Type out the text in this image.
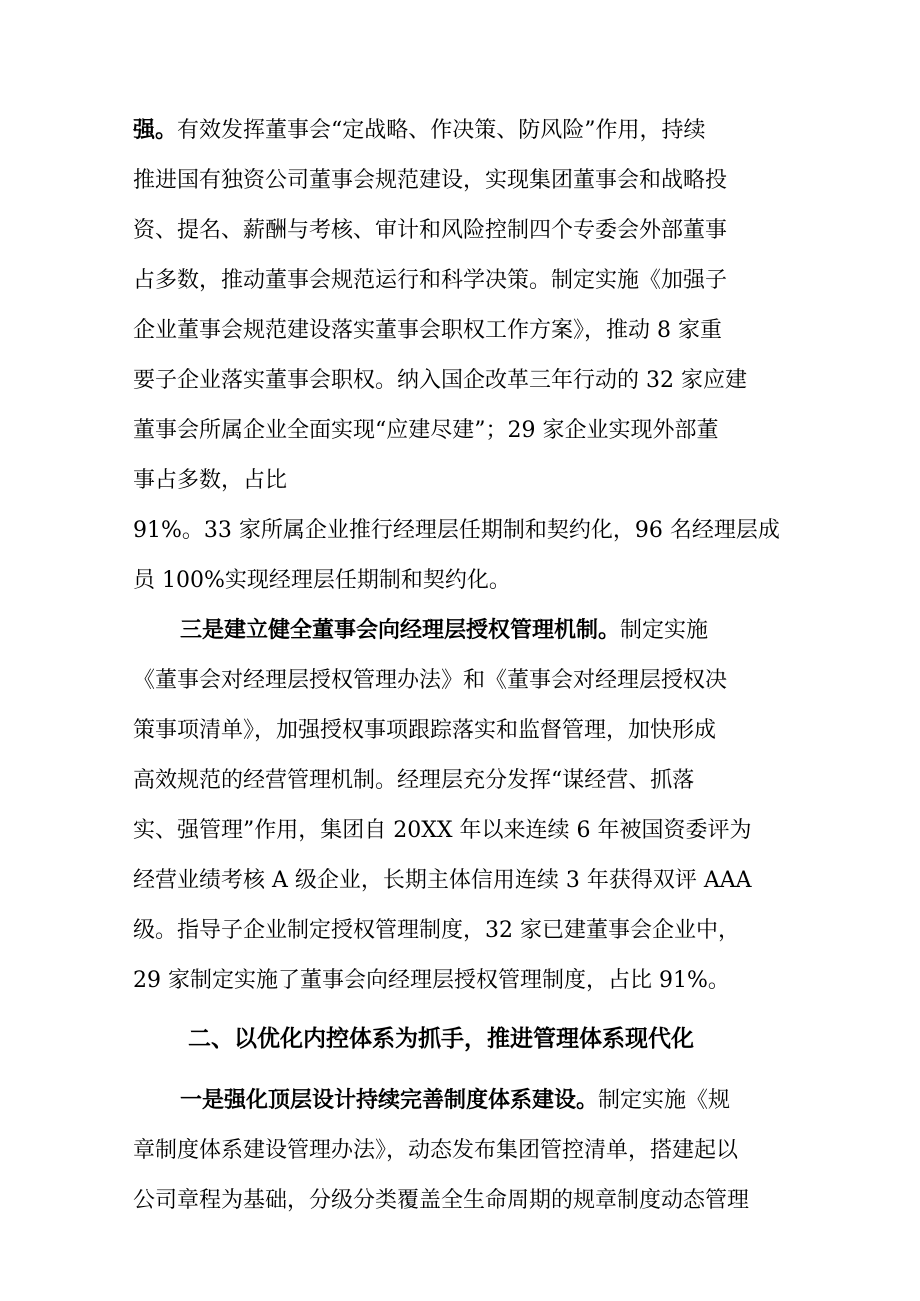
强。有效发挥董事会“定战略、作决策、防风险”作用，持续
推进国有独资公司董事会规范建设，实现集团董事会和战略投
资、提名、薪酬与考核、审计和风险控制四个专委会外部董事
占多数，推动董事会规范运行和科学决策。制定实施《加强子
企业董事会规范建设落实董事会职权工作方案》，推动 8 家重
要子企业落实董事会职权。纳入国企改革三年行动的 32 家应建
董事会所属企业全面实现“应建尽建”；29 家企业实现外部董
事占多数，占比
91%。33 家所属企业推行经理层任期制和契约化，96 名经理层成
员 100%实现经理层任期制和契约化。
三是建立健全董事会向经理层授权管理机制。制定实施
《董事会对经理层授权管理办法》和《董事会对经理层授权决
策事项清单》，加强授权事项跟踪落实和监督管理，加快形成
高效规范的经营管理机制。经理层充分发挥“谋经营、抓落
实、强管理”作用，集团自 20XX 年以来连续 6 年被国资委评为
经营业绩考核 A 级企业，长期主体信用连续 3 年获得双评 AAA
级。指导子企业制定授权管理制度，32 家已建董事会企业中，
29 家制定实施了董事会向经理层授权管理制度，占比 91%。
二、以优化内控体系为抓手，推进管理体系现代化
一是强化顶层设计持续完善制度体系建设。制定实施《规
章制度体系建设管理办法》，动态发布集团管控清单，搭建起以
公司章程为基础，分级分类覆盖全生命周期的规章制度动态管理
